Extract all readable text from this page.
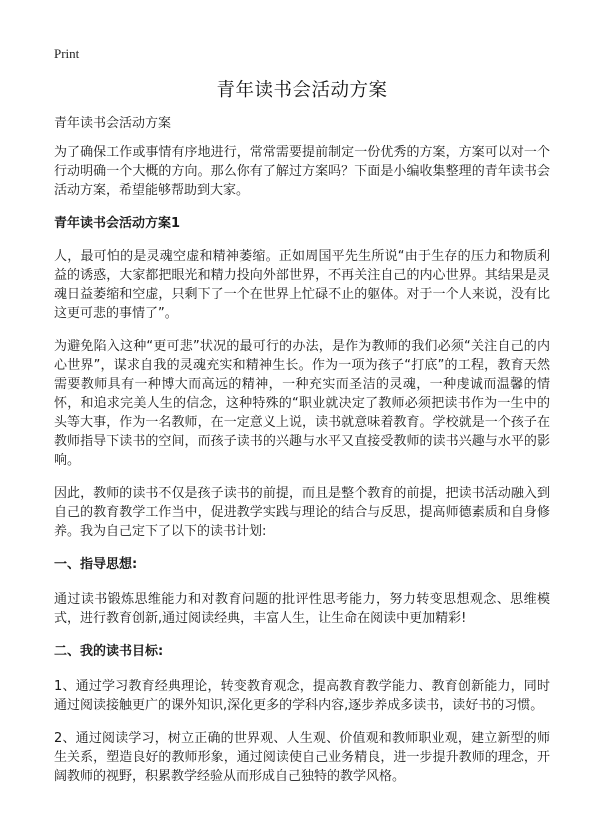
Print
青年读书会活动方案
青年读书会活动方案

为了确保工作或事情有序地进行，常常需要提前制定一份优秀的方案，方案可以对一个行动明确一个大概的方向。那么你有了解过方案吗？下面是小编收集整理的青年读书会活动方案，希望能够帮助到大家。

青年读书会活动方案1

人，最可怕的是灵魂空虚和精神萎缩。正如周国平先生所说“由于生存的压力和物质利益的诱惑，大家都把眼光和精力投向外部世界，不再关注自己的内心世界。其结果是灵魂日益萎缩和空虚，只剩下了一个在世界上忙碌不止的躯体。对于一个人来说，没有比这更可悲的事情了”。

为避免陷入这种“更可悲”状况的最可行的办法，是作为教师的我们必须“关注自己的内心世界”，谋求自我的灵魂充实和精神生长。作为一项为孩子“打底”的工程，教育天然需要教师具有一种博大而高远的精神，一种充实而圣洁的灵魂，一种虔诚而温馨的情怀，和追求完美人生的信念，这种特殊的“职业就决定了教师必须把读书作为一生中的头等大事，作为一名教师，在一定意义上说，读书就意味着教育。学校就是一个孩子在教师指导下读书的空间，而孩子读书的兴趣与水平又直接受教师的读书兴趣与水平的影响。

因此，教师的读书不仅是孩子读书的前提，而且是整个教育的前提，把读书活动融入到自己的教育教学工作当中，促进教学实践与理论的结合与反思，提高师德素质和自身修养。我为自己定下了以下的读书计划:

一、指导思想:

通过读书锻炼思维能力和对教育问题的批评性思考能力，努力转变思想观念、思维模式，进行教育创新,通过阅读经典，丰富人生，让生命在阅读中更加精彩!

二、我的读书目标:

1、通过学习教育经典理论，转变教育观念，提高教育教学能力、教育创新能力，同时通过阅读接触更广的课外知识,深化更多的学科内容,逐步养成多读书，读好书的习惯。

2、通过阅读学习，树立正确的世界观、人生观、价值观和教师职业观，建立新型的师生关系，塑造良好的教师形象，通过阅读使自己业务精良，进一步提升教师的理念，开阔教师的视野，积累教学经验从而形成自己独特的教学风格。
